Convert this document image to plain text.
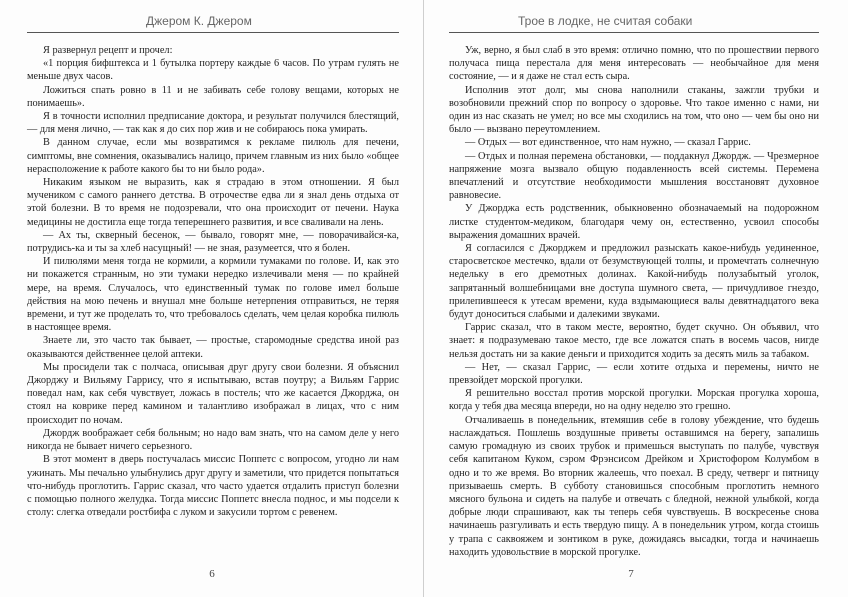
Джером К. Джером

Я развернул рецепт и прочел:

«1 порция бифштекса и 1 бутылка портеру каждые 6 часов. По утрам гулять не меньше двух часов.

Ложиться спать ровно в 11 и не забивать себе голову вещами, которых не понимаешь».

Я в точности исполнил предписание доктора, и результат получился блестящий, — для меня лично, — так как я до сих пор жив и не собираюсь пока умирать.

В данном случае, если мы возвратимся к рекламе пилюль для печени, симптомы, вне сомнения, оказывались налицо, причем главным из них было «общее нерасположение к работе какого бы то ни было рода».

Никаким языком не выразить, как я страдаю в этом отношении. Я был мучеником с самого раннего детства. В отрочестве едва ли я знал день отдыха от этой болезни. В то время не подозревали, что она происходит от печени. Наука медицины не достигла еще тогда теперешнего развития, и все сваливали на лень.

— Ах ты, скверный бесенок, — бывало, говорят мне, — поворачивайся-ка, потрудись-ка и ты за хлеб насущный! — не зная, разумеется, что я болен.

И пилюлями меня тогда не кормили, а кормили тумаками по голове. И, как это ни покажется странным, но эти тумаки нередко излечивали меня — по крайней мере, на время. Случалось, что единственный тумак по голове имел больше действия на мою печень и внушал мне больше нетерпения отправиться, не теряя времени, и тут же проделать то, что требовалось сделать, чем целая коробка пилюль в настоящее время.

Знаете ли, это часто так бывает, — простые, старомодные средства иной раз оказываются действеннее целой аптеки.

Мы просидели так с полчаса, описывая друг другу свои болезни. Я объяснил Джорджу и Вильяму Гаррису, что я испытываю, встав поутру; а Вильям Гаррис поведал нам, как себя чувствует, ложась в постель; что же касается Джорджа, он стоял на коврике перед камином и талантливо изображал в лицах, что с ним происходит по ночам.

Джордж воображает себя больным; но надо вам знать, что на самом деле у него никогда не бывает ничего серьезного.

В этот момент в дверь постучалась миссис Поппетс с вопросом, угодно ли нам ужинать. Мы печально улыбнулись друг другу и заметили, что придется попытаться что-нибудь проглотить. Гаррис сказал, что часто удается отдалить приступ болезни с помощью полного желудка. Тогда миссис Поппетс внесла поднос, и мы подсели к столу: слегка отведали ростбифа с луком и закусили тортом с ревенем.

6
Трое в лодке, не считая собаки

Уж, верно, я был слаб в это время: отлично помню, что по прошествии первого получаса пища перестала для меня интересовать — необычайное для меня состояние, — и я даже не стал есть сыра.

Исполнив этот долг, мы снова наполнили стаканы, зажгли трубки и возобновили прежний спор по вопросу о здоровье. Что такое именно с нами, ни один из нас сказать не умел; но все мы сходились на том, что оно — чем бы оно ни было — вызвано переутомлением.

— Отдых — вот единственное, что нам нужно, — сказал Гаррис.

— Отдых и полная перемена обстановки, — поддакнул Джордж. — Чрезмерное напряжение мозга вызвало общую подавленность всей системы. Перемена впечатлений и отсутствие необходимости мышления восстановят духовное равновесие.

У Джорджа есть родственник, обыкновенно обозначаемый на подорожном листке студентом-медиком, благодаря чему он, естественно, усвоил способы выражения домашних врачей.

Я согласился с Джорджем и предложил разыскать какое-нибудь уединенное, старосветское местечко, вдали от безумствующей толпы, и промечтать солнечную недельку в его дремотных долинах. Какой-нибудь полузабытый уголок, запрятанный волшебницами вне доступа шумного света, — причудливое гнездо, прилепившееся к утесам времени, куда вздымающиеся валы девятнадцатого века будут доноситься слабыми и далекими звуками.

Гаррис сказал, что в таком месте, вероятно, будет скучно. Он объявил, что знает: я подразумеваю такое место, где все ложатся спать в восемь часов, нигде нельзя достать ни за какие деньги и приходится ходить за десять миль за табаком.

— Нет, — сказал Гаррис, — если хотите отдыха и перемены, ничто не превзойдет морской прогулки.

Я решительно восстал против морской прогулки. Морская прогулка хороша, когда у тебя два месяца впереди, но на одну неделю это грешно.

Отчаливаешь в понедельник, втемяшив себе в голову убеждение, что будешь наслаждаться. Пошлешь воздушные приветы оставшимся на берегу, запалишь самую громадную из своих трубок и примешься выступать по палубе, чувствуя себя капитаном Куком, сэром Фрэнсисом Дрейком и Христофором Колумбом в одно и то же время. Во вторник жалеешь, что поехал. В среду, четверг и пятницу призываешь смерть. В субботу становишься способным проглотить немного мясного бульона и сидеть на палубе и отвечать с бледной, нежной улыбкой, когда добрые люди спрашивают, как ты теперь себя чувствуешь. В воскресенье снова начинаешь разгуливать и есть твердую пищу. А в понедельник утром, когда стоишь у трапа с саквояжем и зонтиком в руке, дожидаясь высадки, тогда и начинаешь находить удовольствие в морской прогулке.

7
